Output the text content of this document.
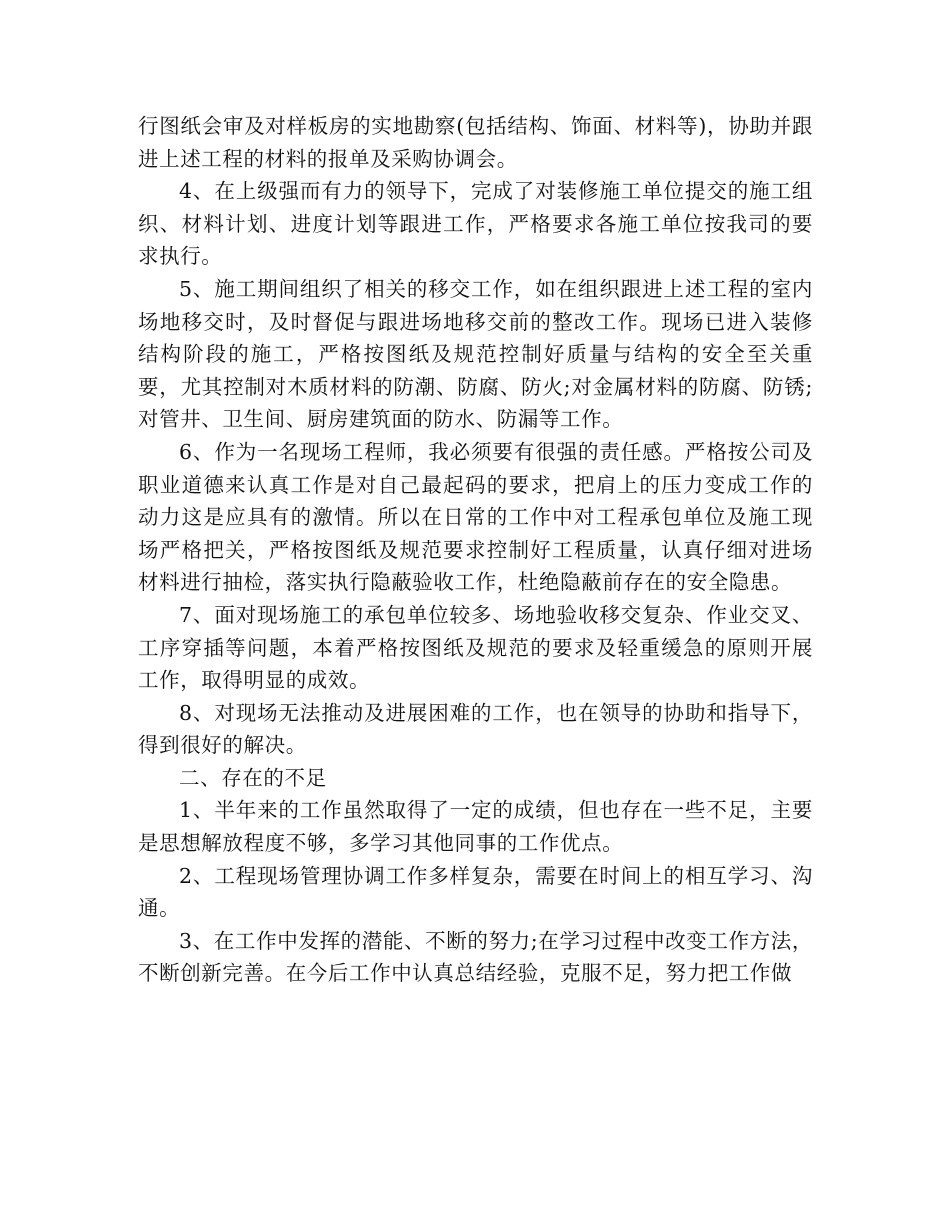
行图纸会审及对样板房的实地勘察(包括结构、饰面、材料等)，协助并跟进上述工程的材料的报单及采购协调会。

4、在上级强而有力的领导下，完成了对装修施工单位提交的施工组织、材料计划、进度计划等跟进工作，严格要求各施工单位按我司的要求执行。

5、施工期间组织了相关的移交工作，如在组织跟进上述工程的室内场地移交时，及时督促与跟进场地移交前的整改工作。现场已进入装修结构阶段的施工，严格按图纸及规范控制好质量与结构的安全至关重要，尤其控制对木质材料的防潮、防腐、防火;对金属材料的防腐、防锈;对管井、卫生间、厨房建筑面的防水、防漏等工作。

6、作为一名现场工程师，我必须要有很强的责任感。严格按公司及职业道德来认真工作是对自己最起码的要求，把肩上的压力变成工作的动力这是应具有的激情。所以在日常的工作中对工程承包单位及施工现场严格把关，严格按图纸及规范要求控制好工程质量，认真仔细对进场材料进行抽检，落实执行隐蔽验收工作，杜绝隐蔽前存在的安全隐患。

7、面对现场施工的承包单位较多、场地验收移交复杂、作业交叉、工序穿插等问题，本着严格按图纸及规范的要求及轻重缓急的原则开展工作，取得明显的成效。

8、对现场无法推动及进展困难的工作，也在领导的协助和指导下，得到很好的解决。

二、存在的不足

1、半年来的工作虽然取得了一定的成绩，但也存在一些不足，主要是思想解放程度不够，多学习其他同事的工作优点。

2、工程现场管理协调工作多样复杂，需要在时间上的相互学习、沟通。

3、在工作中发挥的潜能、不断的努力;在学习过程中改变工作方法，不断创新完善。在今后工作中认真总结经验，克服不足，努力把工作做
